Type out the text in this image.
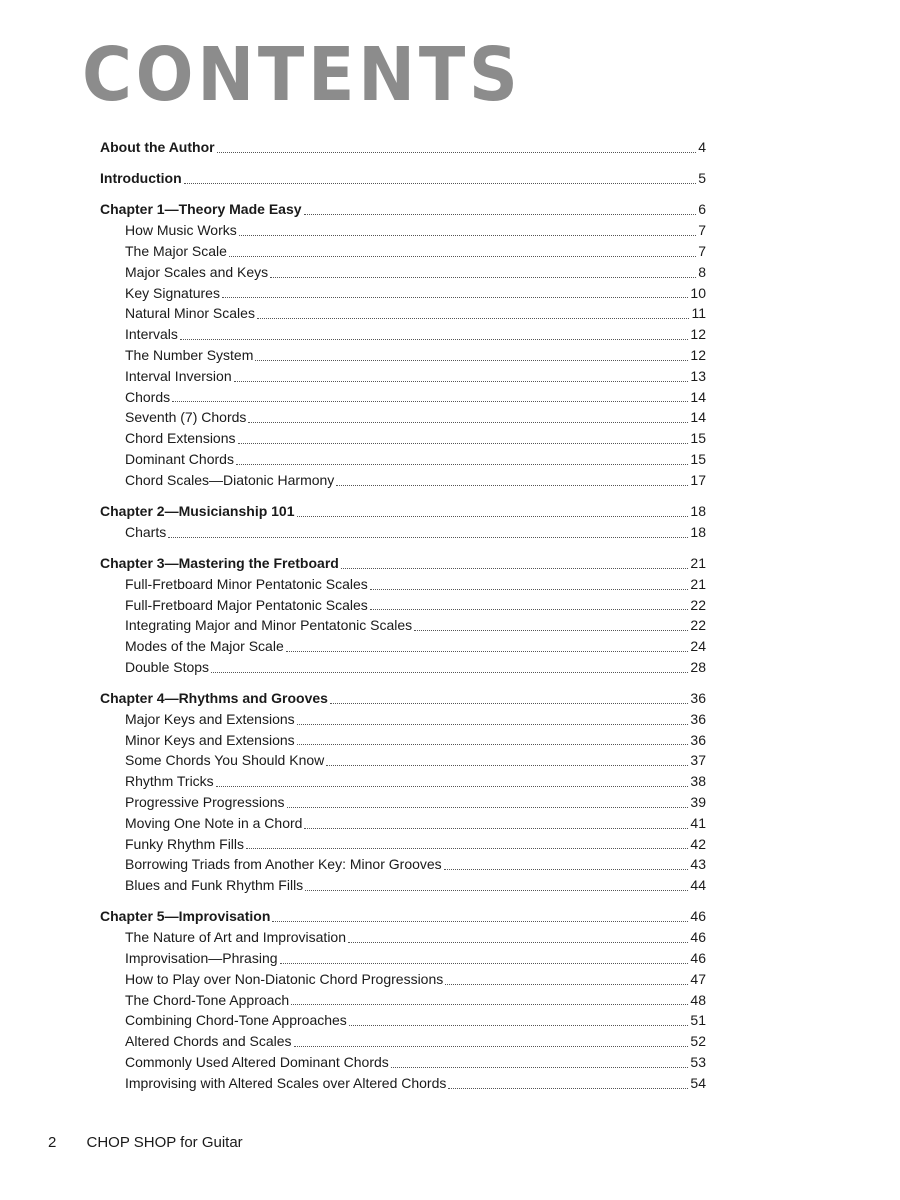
CONTENTS
About the Author	4
Introduction	5
Chapter 1—Theory Made Easy	6
How Music Works	7
The Major Scale	7
Major Scales and Keys	8
Key Signatures	10
Natural Minor Scales	11
Intervals	12
The Number System	12
Interval Inversion	13
Chords	14
Seventh (7) Chords	14
Chord Extensions	15
Dominant Chords	15
Chord Scales—Diatonic Harmony	17
Chapter 2—Musicianship 101	18
Charts	18
Chapter 3—Mastering the Fretboard	21
Full-Fretboard Minor Pentatonic Scales	21
Full-Fretboard Major Pentatonic Scales	22
Integrating Major and Minor Pentatonic Scales	22
Modes of the Major Scale	24
Double Stops	28
Chapter 4—Rhythms and Grooves	36
Major Keys and Extensions	36
Minor Keys and Extensions	36
Some Chords You Should Know	37
Rhythm Tricks	38
Progressive Progressions	39
Moving One Note in a Chord	41
Funky Rhythm Fills	42
Borrowing Triads from Another Key: Minor Grooves	43
Blues and Funk Rhythm Fills	44
Chapter 5—Improvisation	46
The Nature of Art and Improvisation	46
Improvisation—Phrasing	46
How to Play over Non-Diatonic Chord Progressions	47
The Chord-Tone Approach	48
Combining Chord-Tone Approaches	51
Altered Chords and Scales	52
Commonly Used Altered Dominant Chords	53
Improvising with Altered Scales over Altered Chords	54
2 CHOP SHOP for Guitar
